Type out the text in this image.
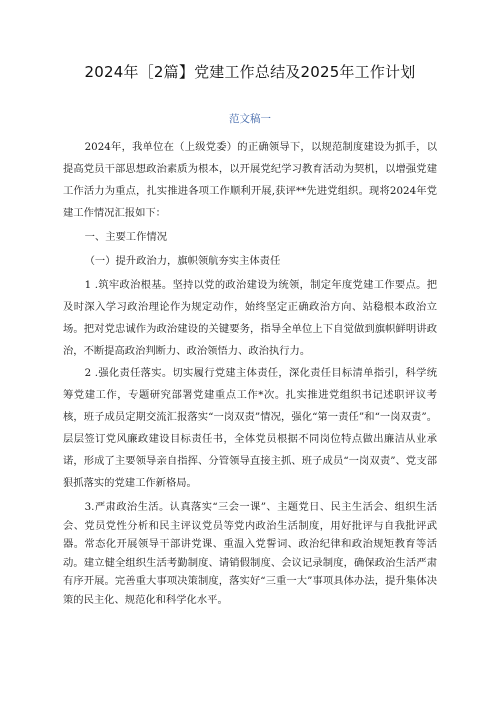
2024年［2篇】党建工作总结及2025年工作计划
范文稿一

2024年，我单位在（上级党委）的正确领导下，以规范制度建设为抓手，以提高党员干部思想政治素质为根本，以开展党纪学习教育活动为契机，以增强党建工作活力为重点，扎实推进各项工作顺利开展,获评**先进党组织。现将2024年党建工作情况汇报如下：

一、主要工作情况

（一）提升政治力，旗帜领航夯实主体责任

1 .筑牢政治根基。坚持以党的政治建设为统领，制定年度党建工作要点。把及时深入学习政治理论作为规定动作，始终坚定正确政治方向、站稳根本政治立场。把对党忠诚作为政治建设的关键要务，指导全单位上下自觉做到旗帜鲜明讲政治，不断提高政治判断力、政治领悟力、政治执行力。

2 .强化责任落实。切实履行党建主体责任，深化责任目标清单指引，科学统筹党建工作，专题研究部署党建重点工作*次。扎实推进党组织书记述职评议考核，班子成员定期交流汇报落实“一岗双责”情况，强化“第一责任”和“一岗双责”。层层签订党风廉政建设目标责任书，全体党员根据不同岗位特点做出廉洁从业承诺，形成了主要领导亲自指挥、分管领导直接主抓、班子成员“一岗双责”、党支部狠抓落实的党建工作新格局。

3.严肃政治生活。认真落实“三会一课”、主题党日、民主生活会、组织生活会、党员党性分析和民主评议党员等党内政治生活制度，用好批评与自我批评武器。常态化开展领导干部讲党课、重温入党誓词、政治纪律和政治规矩教育等活动。建立健全组织生活考勤制度、请销假制度、会议记录制度，确保政治生活严肃有序开展。完善重大事项决策制度，落实好“三重一大”事项具体办法，提升集体决策的民主化、规范化和科学化水平。
